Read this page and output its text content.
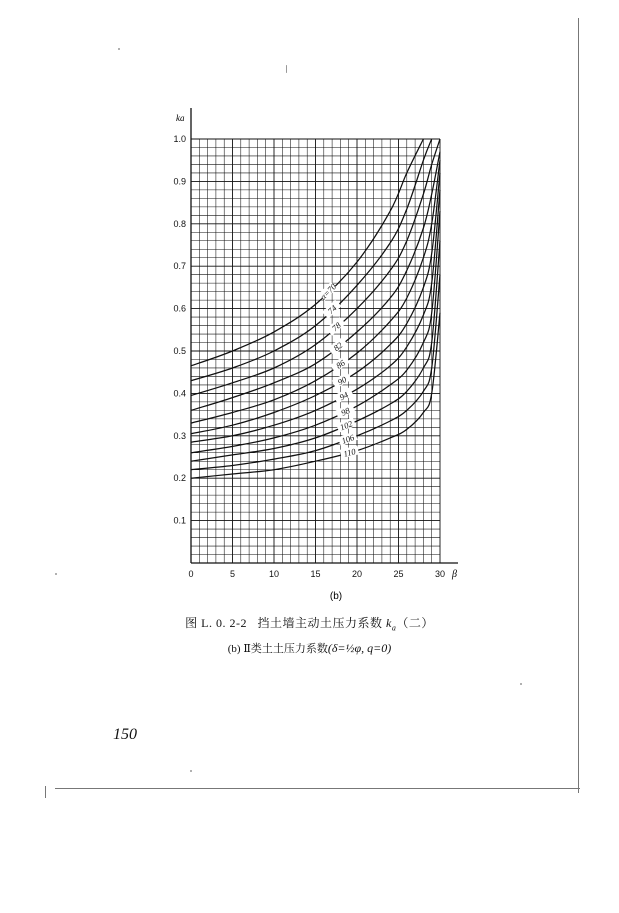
α=70
74
78
82
86
90
94
98
102
106
110
0.1
0.2
0.3
0.4
0.5
0.6
0.7
0.8
0.9
1.0
0	5	10	15	20	25	30
ka
β
(b)
图 L. 0. 2-2 挡土墙主动土压力系数 $k_a$（二）
(b) Ⅱ类土土压力系数(δ=½φ, q=0)
150
